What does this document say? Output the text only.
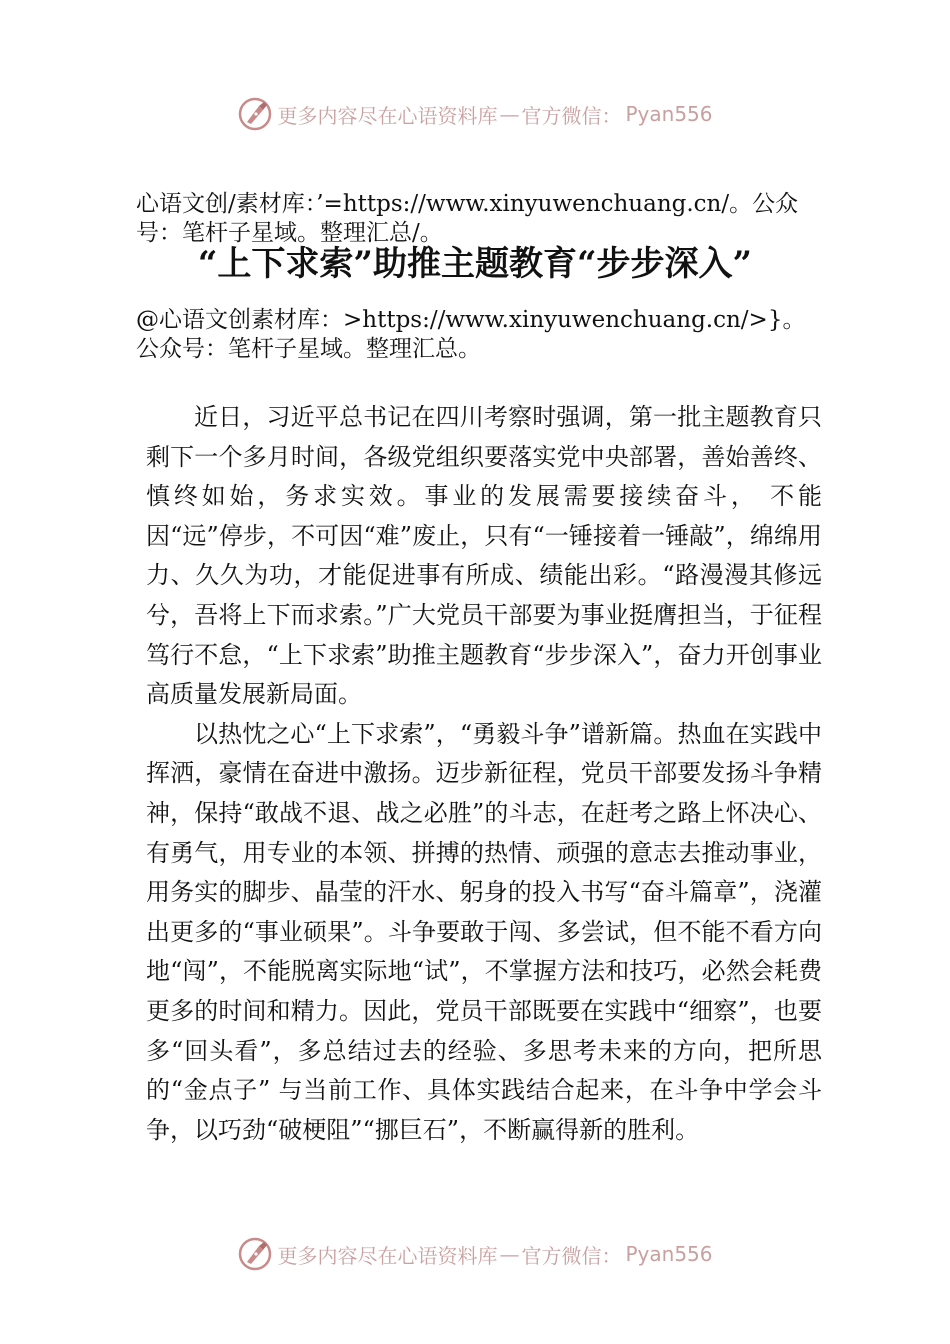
更多内容尽在心语资料库 — 官方微信： Pyan556
心语文创/素材库：’=https://www.xinyuwenchuang.cn/。公众号：笔杆子星域。整理汇总/。
“上下求索”助推主题教育“步步深入”
@心语文创素材库：>https://www.xinyuwenchuang.cn/>}。公众号：笔杆子星域。整理汇总。

近日，习近平总书记在四川考察时强调，第一批主题教育只剩下一个多月时间，各级党组织要落实党中央部署，善始善终、慎终如始，务求实效。事业的发展需要接续奋斗， 不能因“远”停步，不可因“难”废止，只有“一锤接着一锤敲”，绵绵用力、久久为功，才能促进事有所成、绩能出彩。“路漫漫其修远兮，吾将上下而求索。”广大党员干部要为事业挺膺担当，于征程笃行不怠，“上下求索”助推主题教育“步步深入”，奋力开创事业高质量发展新局面。

以热忱之心“上下求索”，“勇毅斗争”谱新篇。热血在实践中挥洒，豪情在奋进中激扬。迈步新征程，党员干部要发扬斗争精神，保持“敢战不退、战之必胜”的斗志，在赶考之路上怀决心、有勇气，用专业的本领、拼搏的热情、顽强的意志去推动事业，用务实的脚步、晶莹的汗水、躬身的投入书写“奋斗篇章”，浇灌出更多的“事业硕果”。斗争要敢于闯、多尝试，但不能不看方向地“闯”，不能脱离实际地“试”，不掌握方法和技巧，必然会耗费更多的时间和精力。因此，党员干部既要在实践中“细察”，也要多“回头看”，多总结过去的经验、多思考未来的方向，把所思的“金点子” 与当前工作、具体实践结合起来，在斗争中学会斗争，以巧劲“破梗阻”“挪巨石”，不断赢得新的胜利。

更多内容尽在心语资料库 — 官方微信： Pyan556
